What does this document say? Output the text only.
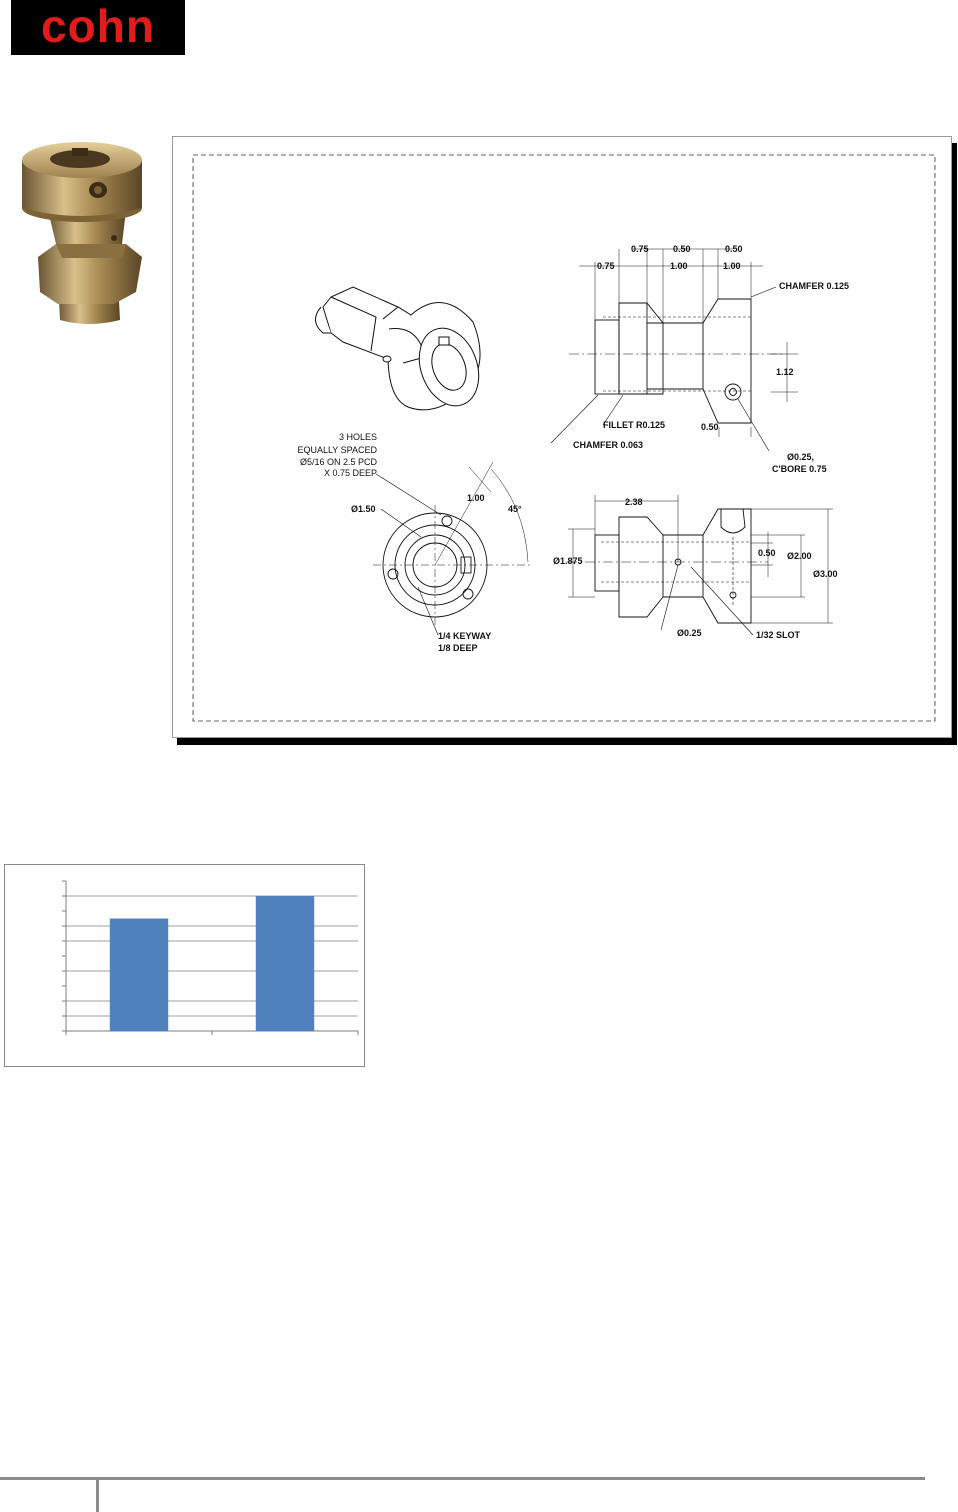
cohn
0.75	0.50	0.50
0.75	1.00	1.00
CHAMFER 0.125
1.12
FILLET R0.125	0.50
CHAMFER 0.063
Ø0.25,
C'BORE 0.75
3 HOLES
EQUALLY SPACED
Ø5/16 ON 2.5 PCD
X 0.75 DEEP
Ø1.50
1.00
45°
1/4 KEYWAY
1/8 DEEP
2.38
Ø1.875
0.50 Ø2.00
Ø3.00
Ø0.25	1/32 SLOT
